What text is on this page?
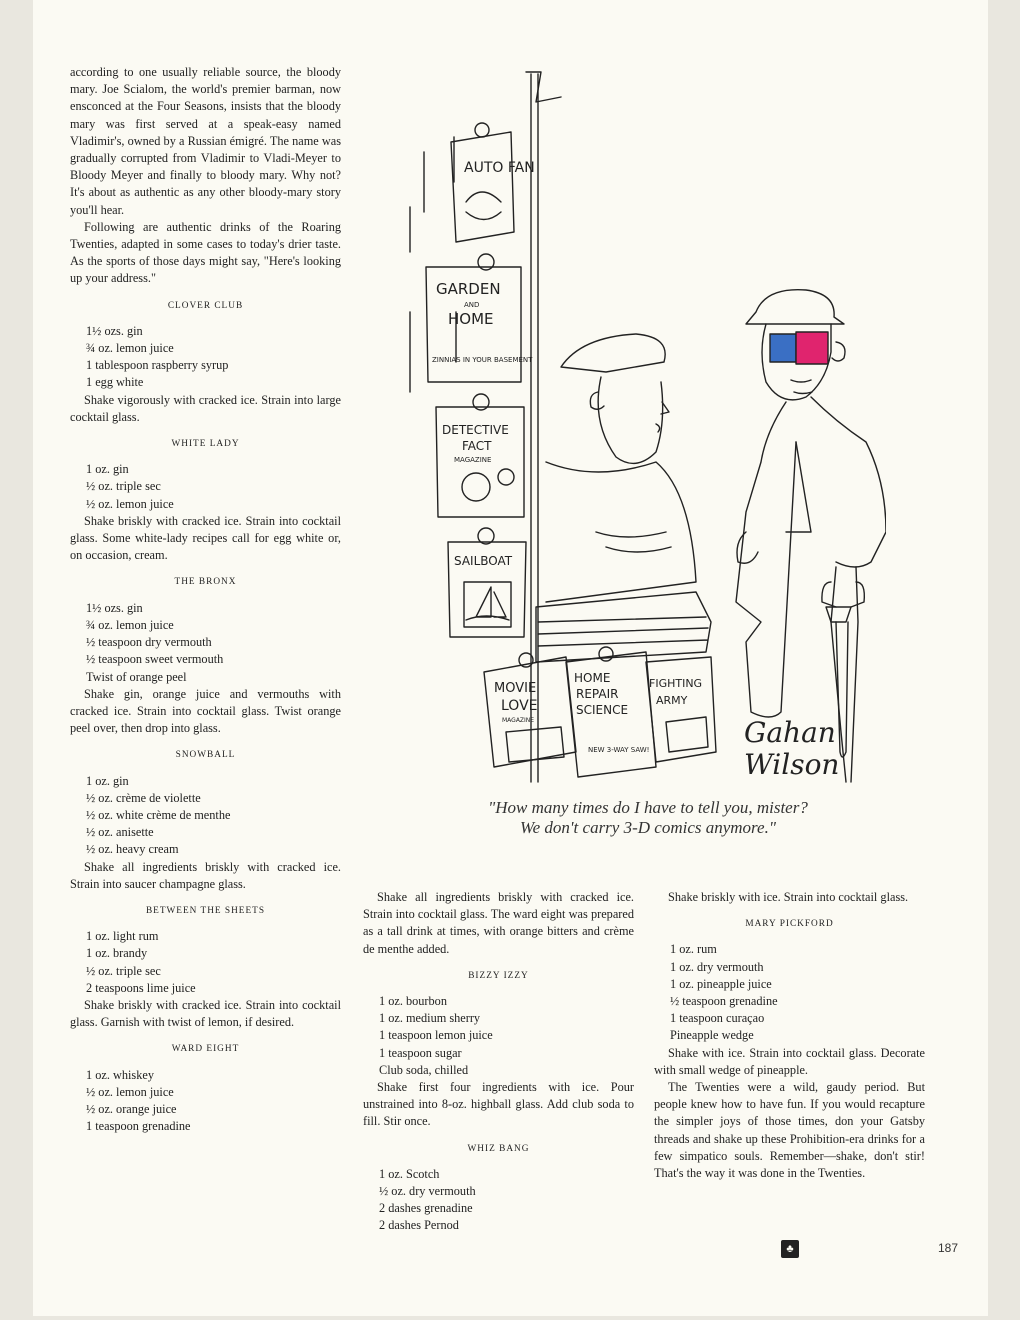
according to one usually reliable source, the bloody mary. Joe Scialom, the world's premier barman, now ensconced at the Four Seasons, insists that the bloody mary was first served at a speak-easy named Vladimir's, owned by a Russian émigré. The name was gradually corrupted from Vladimir to Vladi-Meyer to Bloody Meyer and finally to bloody mary. Why not? It's about as authentic as any other bloody-mary story you'll hear.

Following are authentic drinks of the Roaring Twenties, adapted in some cases to today's drier taste. As the sports of those days might say, "Here's looking up your address."

CLOVER CLUB
1½ ozs. gin
¾ oz. lemon juice
1 tablespoon raspberry syrup
1 egg white

Shake vigorously with cracked ice. Strain into large cocktail glass.

WHITE LADY
1 oz. gin
½ oz. triple sec
½ oz. lemon juice

Shake briskly with cracked ice. Strain into cocktail glass. Some white-lady recipes call for egg white or, on occasion, cream.

THE BRONX
1½ ozs. gin
¾ oz. lemon juice
½ teaspoon dry vermouth
½ teaspoon sweet vermouth
Twist of orange peel

Shake gin, orange juice and vermouths with cracked ice. Strain into cocktail glass. Twist orange peel over, then drop into glass.

SNOWBALL
1 oz. gin
½ oz. crème de violette
½ oz. white crème de menthe
½ oz. anisette
½ oz. heavy cream

Shake all ingredients briskly with cracked ice. Strain into saucer champagne glass.

BETWEEN THE SHEETS
1 oz. light rum
1 oz. brandy
½ oz. triple sec
2 teaspoons lime juice

Shake briskly with cracked ice. Strain into cocktail glass. Garnish with twist of lemon, if desired.

WARD EIGHT
1 oz. whiskey
½ oz. lemon juice
½ oz. orange juice
1 teaspoon grenadine
AUTO FAN
GARDEN
AND
HOME
ZINNIAS IN YOUR BASEMENT
DETECTIVE
FACT
MAGAZINE
SAILBOAT
MOVIE
LOVE
MAGAZINE
HOME
REPAIR
SCIENCE
NEW 3-WAY SAW!
FIGHTING
ARMY
Gahan
Wilson
"How many times do I have to tell you, mister?
We don't carry 3-D comics anymore."

Shake all ingredients briskly with cracked ice. Strain into cocktail glass. The ward eight was prepared as a tall drink at times, with orange bitters and crème de menthe added.

BIZZY IZZY
1 oz. bourbon
1 oz. medium sherry
1 teaspoon lemon juice
1 teaspoon sugar
Club soda, chilled

Shake first four ingredients with ice. Pour unstrained into 8-oz. highball glass. Add club soda to fill. Stir once.

WHIZ BANG
1 oz. Scotch
½ oz. dry vermouth
2 dashes grenadine
2 dashes Pernod

Shake briskly with ice. Strain into cocktail glass.

MARY PICKFORD
1 oz. rum
1 oz. dry vermouth
1 oz. pineapple juice
½ teaspoon grenadine
1 teaspoon curaçao
Pineapple wedge

Shake with ice. Strain into cocktail glass. Decorate with small wedge of pineapple.

The Twenties were a wild, gaudy period. But people knew how to have fun. If you would recapture the simpler joys of those times, don your Gatsby threads and shake up these Prohibition-era drinks for a few simpatico souls. Remember—shake, don't stir! That's the way it was done in the Twenties.

♣	187
